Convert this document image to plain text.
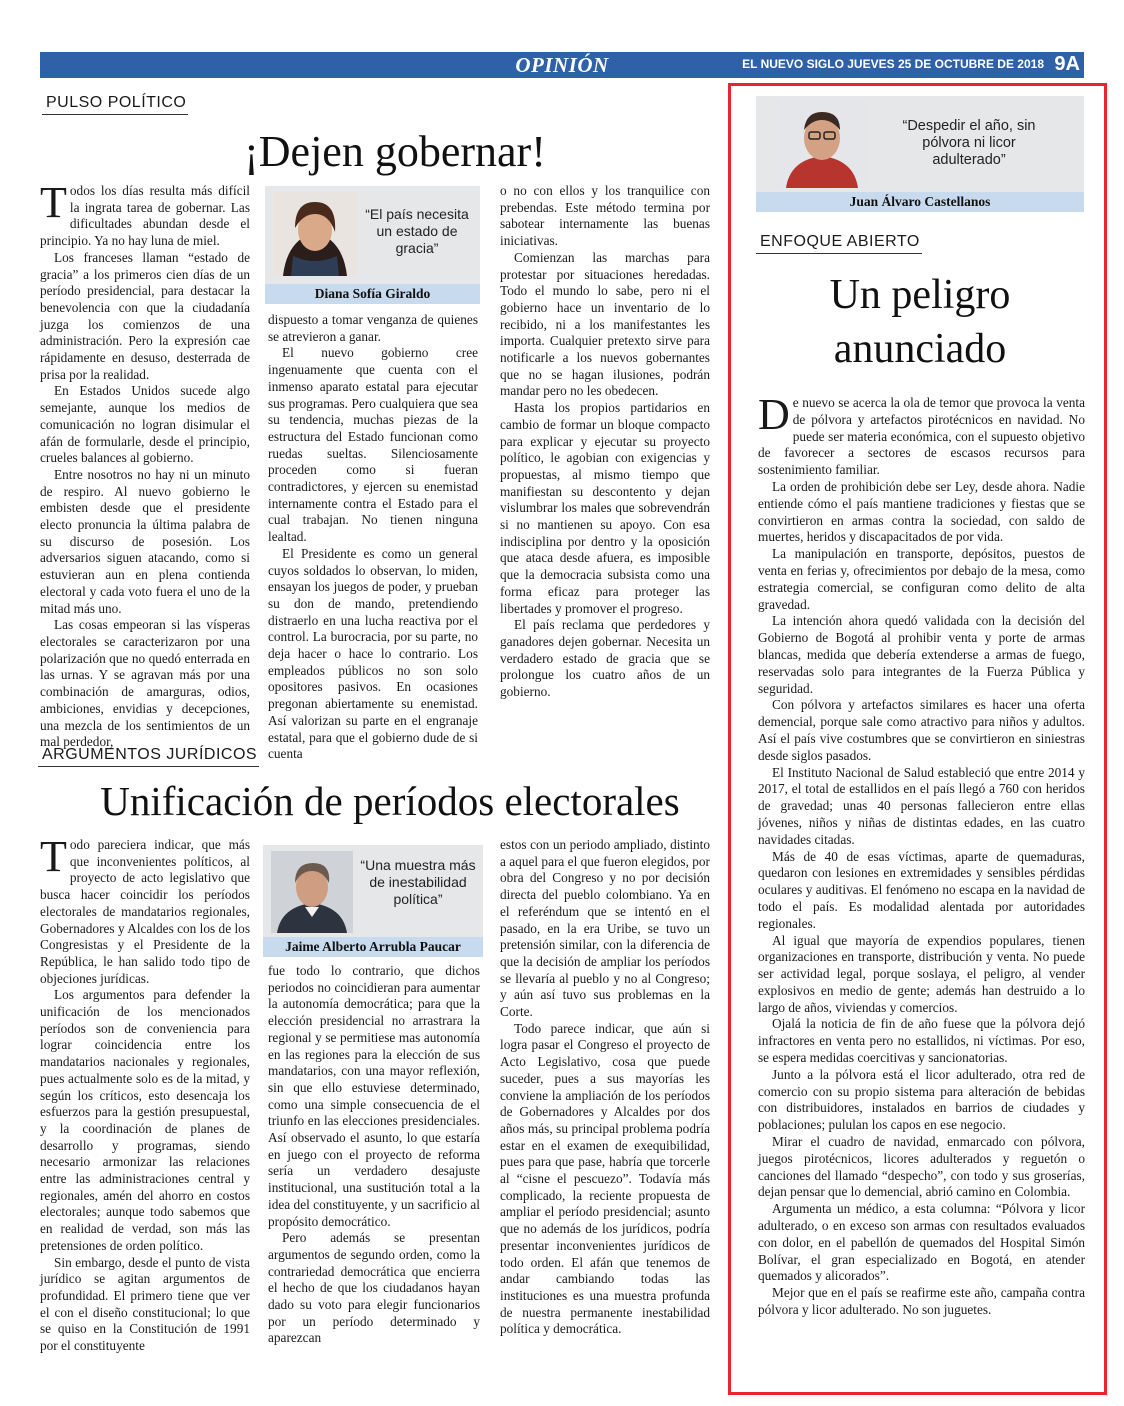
OPINIÓN	EL NUEVO SIGLO JUEVES 25 DE OCTUBRE DE 2018 9A
PULSO POLÍTICO
¡Dejen gobernar!

Todos los días resulta más difícil la ingrata tarea de gobernar. Las dificultades abundan desde el principio. Ya no hay luna de miel.

Los franceses llaman “estado de gracia” a los primeros cien días de un período presidencial, para destacar la benevolencia con que la ciudadanía juzga los comienzos de una administración. Pero la expresión cae rápidamente en desuso, desterrada de prisa por la realidad.

En Estados Unidos sucede algo semejante, aunque los medios de comunicación no logran disimular el afán de formularle, desde el principio, crueles balances al gobierno.

Entre nosotros no hay ni un minuto de respiro. Al nuevo gobierno le embisten desde que el presidente electo pronuncia la última palabra de su discurso de posesión. Los adversarios siguen atacando, como si estuvieran aun en plena contienda electoral y cada voto fuera el uno de la mitad más uno.

Las cosas empeoran si las vísperas electorales se caracterizaron por una polarización que no quedó enterrada en las urnas. Y se agravan más por una combinación de amarguras, odios, ambiciones, envidias y decepciones, una mezcla de los sentimientos de un mal perdedor,

“El país necesita un estado de gracia”
Diana Sofía Giraldo

dispuesto a tomar venganza de quienes se atrevieron a ganar.

El nuevo gobierno cree ingenuamente que cuenta con el inmenso aparato estatal para ejecutar sus programas. Pero cualquiera que sea su tendencia, muchas piezas de la estructura del Estado funcionan como ruedas sueltas. Silenciosamente proceden como si fueran contradictores, y ejercen su enemistad internamente contra el Estado para el cual trabajan. No tienen ninguna lealtad.

El Presidente es como un general cuyos soldados lo observan, lo miden, ensayan los juegos de poder, y prueban su don de mando, pretendiendo distraerlo en una lucha reactiva por el control. La burocracia, por su parte, no deja hacer o hace lo contrario. Los empleados públicos no son solo opositores pasivos. En ocasiones pregonan abiertamente su enemistad. Así valorizan su parte en el engranaje estatal, para que el gobierno dude de si cuenta

o no con ellos y los tranquilice con prebendas. Este método termina por sabotear internamente las buenas iniciativas.

Comienzan las marchas para protestar por situaciones heredadas. Todo el mundo lo sabe, pero ni el gobierno hace un inventario de lo recibido, ni a los manifestantes les importa. Cualquier pretexto sirve para notificarle a los nuevos gobernantes que no se hagan ilusiones, podrán mandar pero no les obedecen.

Hasta los propios partidarios en cambio de formar un bloque compacto para explicar y ejecutar su proyecto político, le agobian con exigencias y propuestas, al mismo tiempo que manifiestan su descontento y dejan vislumbrar los males que sobrevendrán si no mantienen su apoyo. Con esa indisciplina por dentro y la oposición que ataca desde afuera, es imposible que la democracia subsista como una forma eficaz para proteger las libertades y promover el progreso.

El país reclama que perdedores y ganadores dejen gobernar. Necesita un verdadero estado de gracia que se prolongue los cuatro años de un gobierno.

ARGUMENTOS JURÍDICOS
Unificación de períodos electorales

Todo pareciera indicar, que más que inconvenientes políticos, al proyecto de acto legislativo que busca hacer coincidir los períodos electorales de mandatarios regionales, Gobernadores y Alcaldes con los de los Congresistas y el Presidente de la República, le han salido todo tipo de objeciones jurídicas.

Los argumentos para defender la unificación de los mencionados períodos son de conveniencia para lograr coincidencia entre los mandatarios nacionales y regionales, pues actualmente solo es de la mitad, y según los críticos, esto desencaja los esfuerzos para la gestión presupuestal, y la coordinación de planes de desarrollo y programas, siendo necesario armonizar las relaciones entre las administraciones central y regionales, amén del ahorro en costos electorales; aunque todo sabemos que en realidad de verdad, son más las pretensiones de orden político.

Sin embargo, desde el punto de vista jurídico se agitan argumentos de profundidad. El primero tiene que ver el con el diseño constitucional; lo que se quiso en la Constitución de 1991 por el constituyente

“Una muestra más de inestabilidad política”
Jaime Alberto Arrubla Paucar

fue todo lo contrario, que dichos periodos no coincidieran para aumentar la autonomía democrática; para que la elección presidencial no arrastrara la regional y se permitiese mas autonomía en las regiones para la elección de sus mandatarios, con una mayor reflexión, sin que ello estuviese determinado, como una simple consecuencia de el triunfo en las elecciones presidenciales. Así observado el asunto, lo que estaría en juego con el proyecto de reforma sería un verdadero desajuste institucional, una sustitución total a la idea del constituyente, y un sacrificio al propósito democrático.

Pero además se presentan argumentos de segundo orden, como la contrariedad democrática que encierra el hecho de que los ciudadanos hayan dado su voto para elegir funcionarios por un período determinado y aparezcan

estos con un periodo ampliado, distinto a aquel para el que fueron elegidos, por obra del Congreso y no por decisión directa del pueblo colombiano. Ya en el referéndum que se intentó en el pasado, en la era Uribe, se tuvo un pretensión similar, con la diferencia de que la decisión de ampliar los períodos se llevaría al pueblo y no al Congreso; y aún así tuvo sus problemas en la Corte.

Todo parece indicar, que aún si logra pasar el Congreso el proyecto de Acto Legislativo, cosa que puede suceder, pues a sus mayorías les conviene la ampliación de los períodos de Gobernadores y Alcaldes por dos años más, su principal problema podría estar en el examen de exequibilidad, pues para que pase, habría que torcerle al “cisne el pescuezo”. Todavía más complicado, la reciente propuesta de ampliar el período presidencial; asunto que no además de los jurídicos, podría presentar inconvenientes jurídicos de todo orden. El afán que tenemos de andar cambiando todas las instituciones es una muestra profunda de nuestra permanente inestabilidad política y democrática.

“Despedir el año, sin pólvora ni licor adulterado”
Juan Álvaro Castellanos
ENFOQUE ABIERTO
Un peligro
anunciado

De nuevo se acerca la ola de temor que provoca la venta de pólvora y artefactos pirotécnicos en navidad. No puede ser materia económica, con el supuesto objetivo de favorecer a sectores de escasos recursos para sostenimiento familiar.

La orden de prohibición debe ser Ley, desde ahora. Nadie entiende cómo el país mantiene tradiciones y fiestas que se convirtieron en armas contra la sociedad, con saldo de muertes, heridos y discapacitados de por vida.

La manipulación en transporte, depósitos, puestos de venta en ferias y, ofrecimientos por debajo de la mesa, como estrategia comercial, se configuran como delito de alta gravedad.

La intención ahora quedó validada con la decisión del Gobierno de Bogotá al prohibir venta y porte de armas blancas, medida que debería extenderse a armas de fuego, reservadas solo para integrantes de la Fuerza Pública y seguridad.

Con pólvora y artefactos similares es hacer una oferta demencial, porque sale como atractivo para niños y adultos. Así el país vive costumbres que se convirtieron en siniestras desde siglos pasados.

El Instituto Nacional de Salud estableció que entre 2014 y 2017, el total de estallidos en el país llegó a 760 con heridos de gravedad; unas 40 personas fallecieron entre ellas jóvenes, niños y niñas de distintas edades, en las cuatro navidades citadas.

Más de 40 de esas víctimas, aparte de quemaduras, quedaron con lesiones en extremidades y sensibles pérdidas oculares y auditivas. El fenómeno no escapa en la navidad de todo el país. Es modalidad alentada por autoridades regionales.

Al igual que mayoría de expendios populares, tienen organizaciones en transporte, distribución y venta. No puede ser actividad legal, porque soslaya, el peligro, al vender explosivos en medio de gente; además han destruido a lo largo de años, viviendas y comercios.

Ojalá la noticia de fin de año fuese que la pólvora dejó infractores en venta pero no estallidos, ni víctimas. Por eso, se espera medidas coercitivas y sancionatorias.

Junto a la pólvora está el licor adulterado, otra red de comercio con su propio sistema para alteración de bebidas con distribuidores, instalados en barrios de ciudades y poblaciones; pululan los capos en ese negocio.

Mirar el cuadro de navidad, enmarcado con pólvora, juegos pirotécnicos, licores adulterados y reguetón o canciones del llamado “despecho”, con todo y sus groserías, dejan pensar que lo demencial, abrió camino en Colombia.

Argumenta un médico, a esta columna: “Pólvora y licor adulterado, o en exceso son armas con resultados evaluados con dolor, en el pabellón de quemados del Hospital Simón Bolívar, el gran especializado en Bogotá, en atender quemados y alicorados”.

Mejor que en el país se reafirme este año, campaña contra pólvora y licor adulterado. No son juguetes.
